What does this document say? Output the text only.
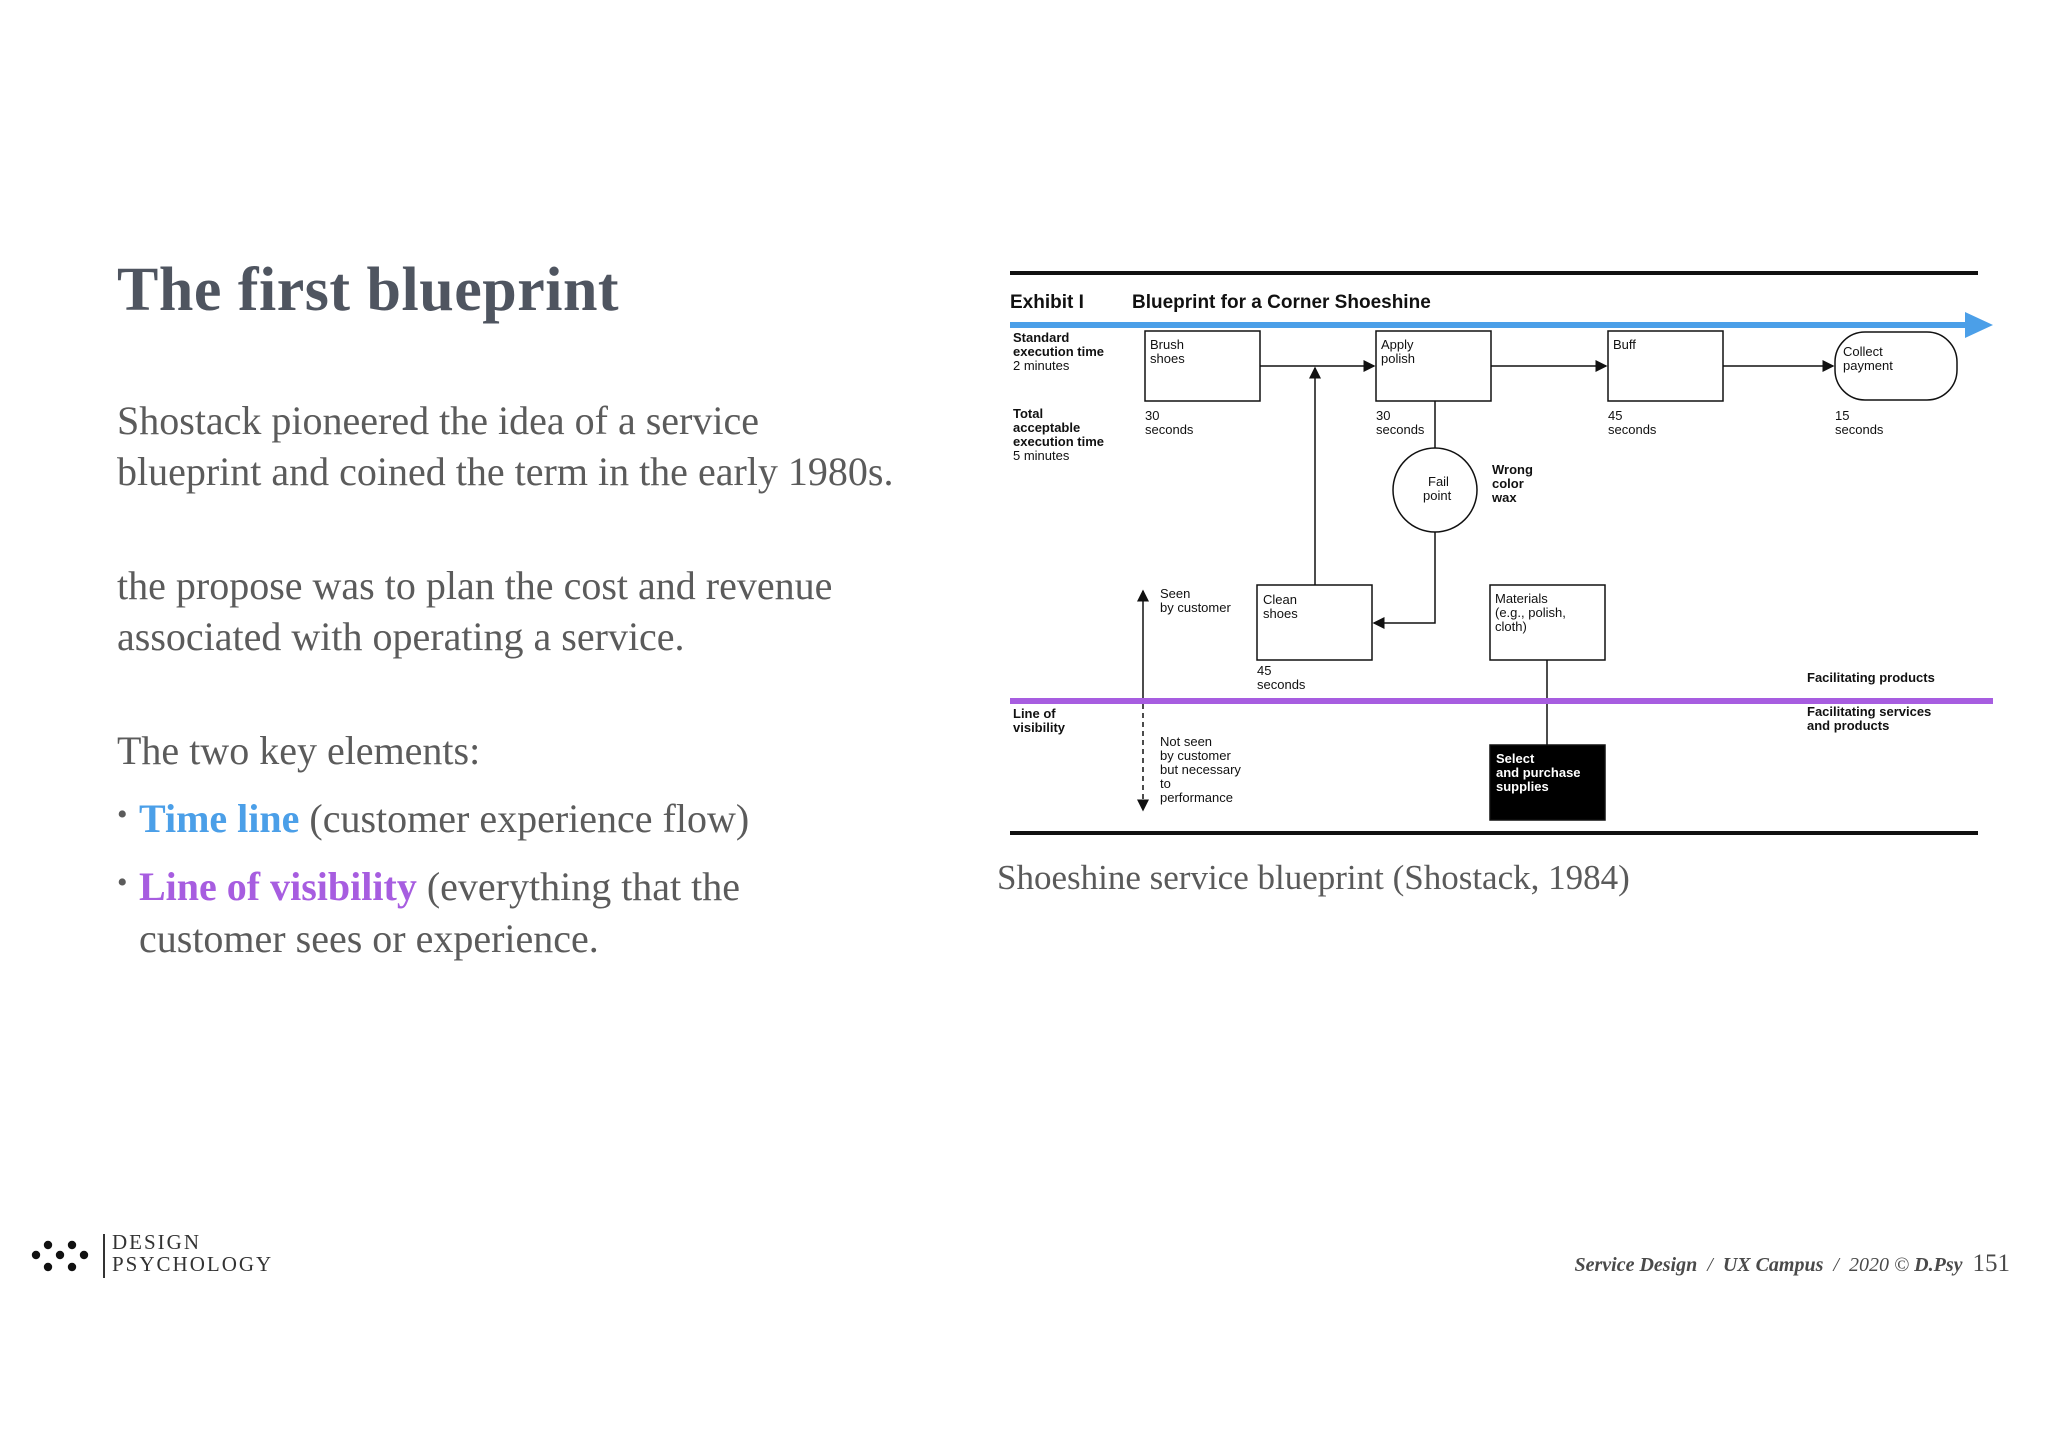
The first blueprint
Shostack pioneered the idea of a service
blueprint and coined the term in the early 1980s.
the propose was to plan the cost and revenue
associated with operating a service.
The two key elements:
• Time line (customer experience flow)
• Line of visibility (everything that the
customer sees or experience.
Exhibit I	Blueprint for a Corner Shoeshine
Standard
execution time
2 minutes
Total
acceptable
execution time
5 minutes
Brush
shoes
30
seconds
Apply
polish
30
seconds
Buff
45
seconds
Collect
payment
15
seconds
Fail
point
Wrong
color
wax
Clean
shoes
45
seconds
Seen
by customer
Materials
(e.g., polish,
cloth)
Facilitating products
Facilitating services
and products
Line of
visibility
Not seen
by customer
but necessary
to
performance
Select
and purchase
supplies
Shoeshine service blueprint (Shostack, 1984)
DESIGN
PSYCHOLOGY	Service Design / UX Campus / 2020 © D.Psy 151
